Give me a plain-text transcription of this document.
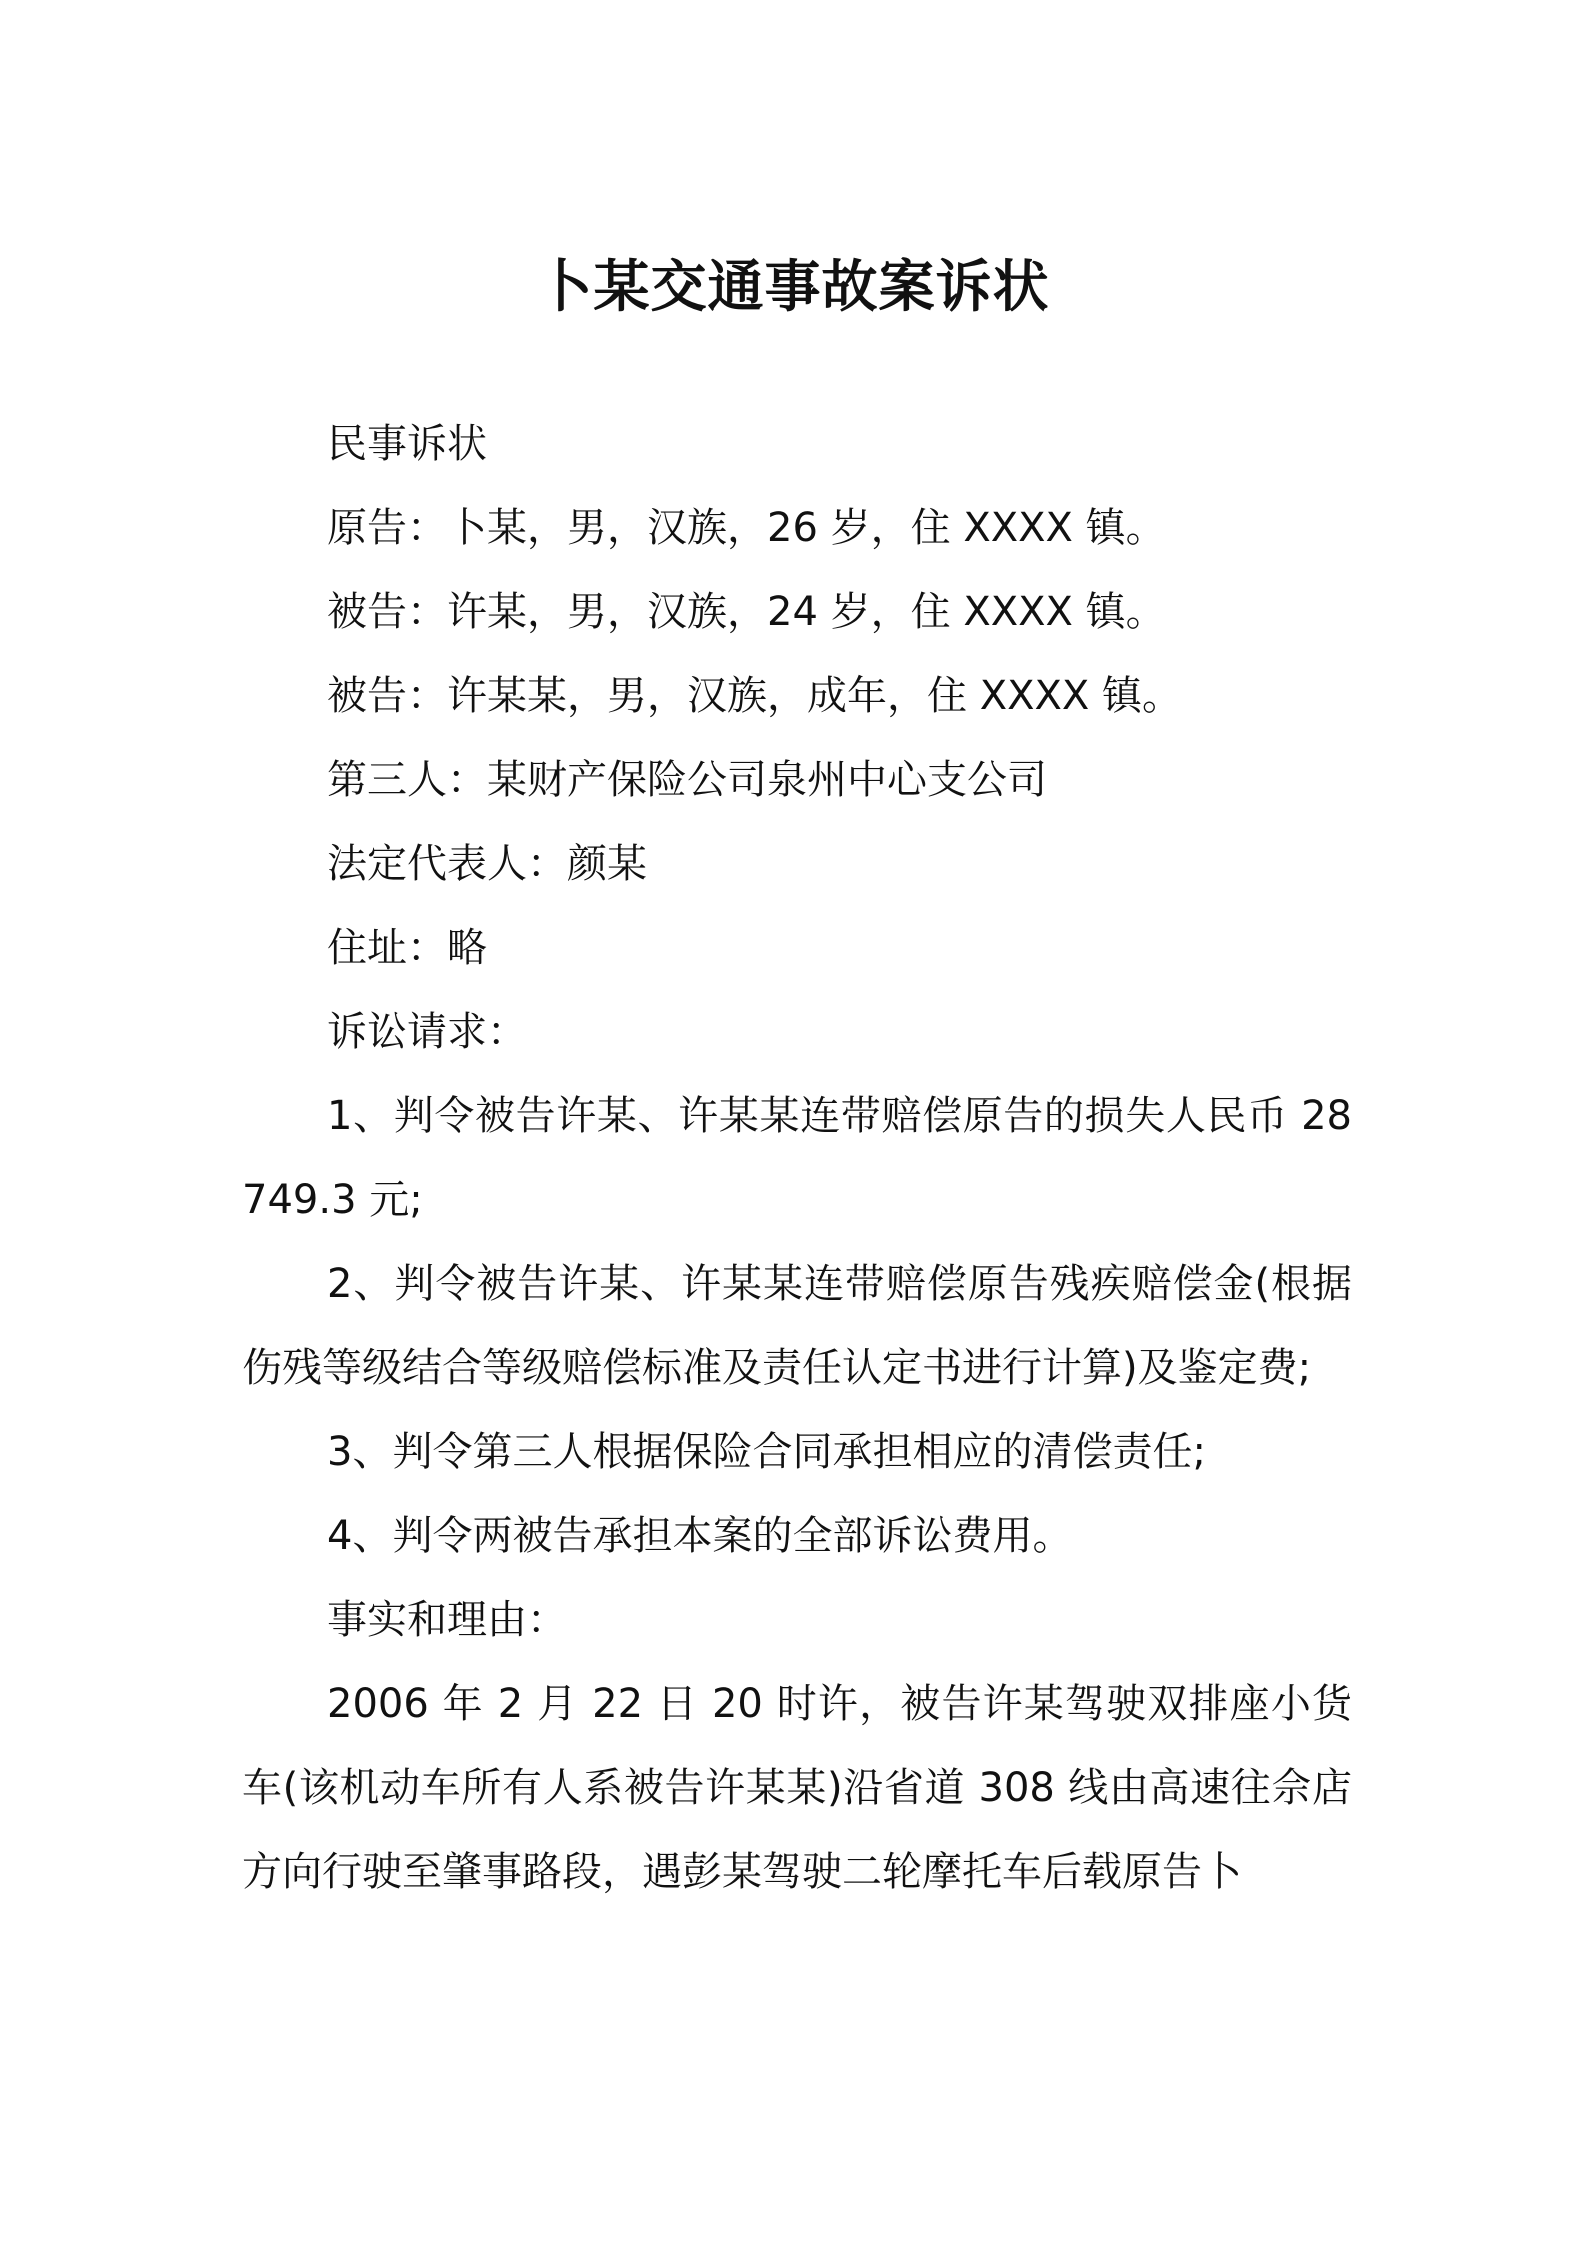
卜某交通事故案诉状

民事诉状

原告：卜某，男，汉族，26 岁，住 XXXX 镇。

被告：许某，男，汉族，24 岁，住 XXXX 镇。

被告：许某某，男，汉族，成年，住 XXXX 镇。

第三人：某财产保险公司泉州中心支公司

法定代表人：颜某

住址：略

诉讼请求：

1、判令被告许某、许某某连带赔偿原告的损失人民币 28749.3 元;

2、判令被告许某、许某某连带赔偿原告残疾赔偿金(根据伤残等级结合等级赔偿标准及责任认定书进行计算)及鉴定费;

3、判令第三人根据保险合同承担相应的清偿责任;

4、判令两被告承担本案的全部诉讼费用。

事实和理由：

2006 年 2 月 22 日 20 时许，被告许某驾驶双排座小货车(该机动车所有人系被告许某某)沿省道 308 线由高速往佘店方向行驶至肇事路段，遇彭某驾驶二轮摩托车后载原告卜
